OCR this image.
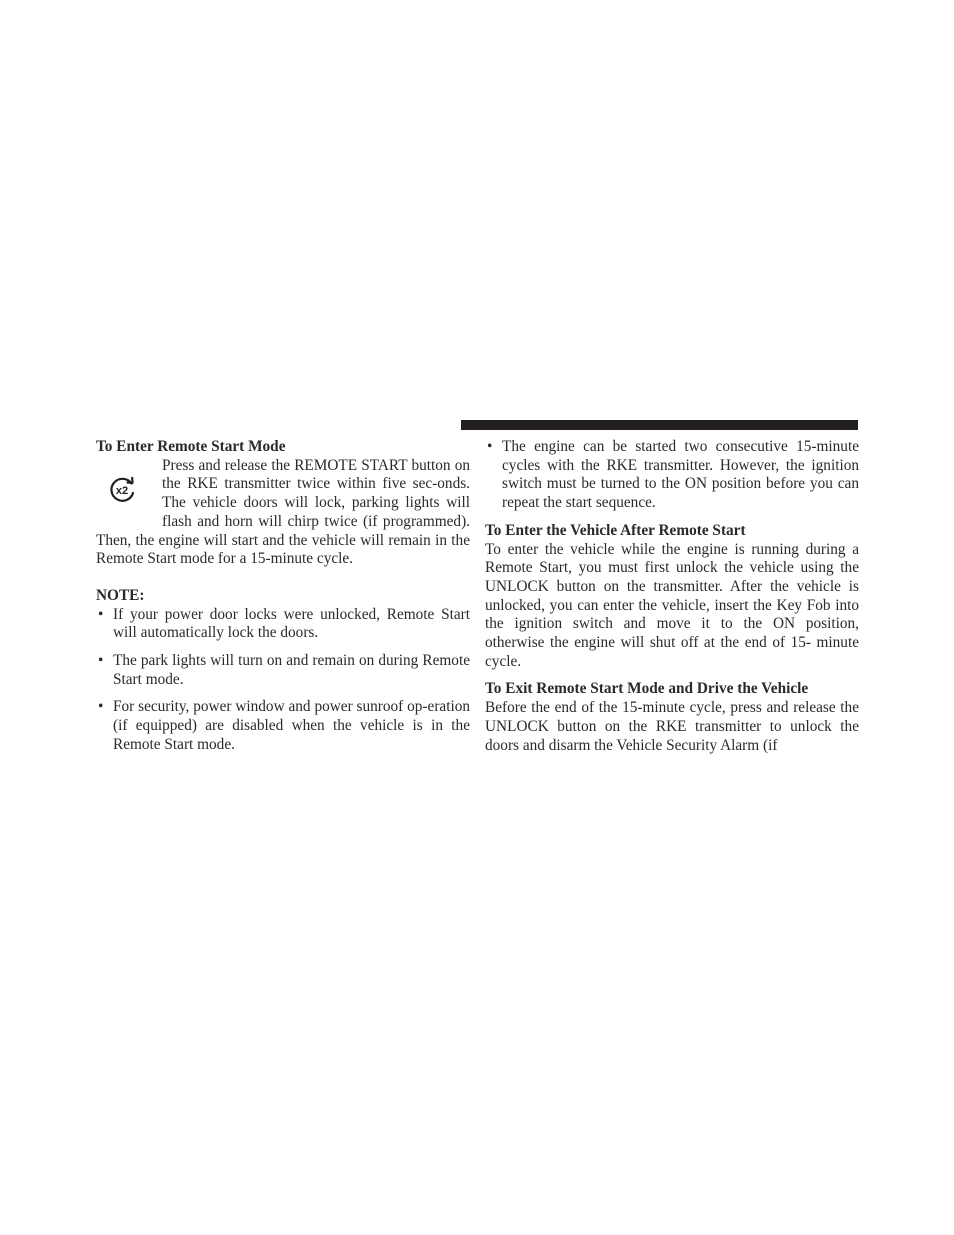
To Enter Remote Start Mode
x2
Press and release the REMOTE START button on the RKE transmitter twice within five sec-onds. The vehicle doors will lock, parking lights will flash and horn will chirp twice (if programmed). Then, the engine will start and the vehicle will remain in the Remote Start mode for a 15-minute cycle.
NOTE:
• If your power door locks were unlocked, Remote Start will automatically lock the doors.
• The park lights will turn on and remain on during Remote Start mode.
• For security, power window and power sunroof op-eration (if equipped) are disabled when the vehicle is in the Remote Start mode.
• The engine can be started two consecutive 15-minute cycles with the RKE transmitter. However, the ignition switch must be turned to the ON position before you can repeat the start sequence.
To Enter the Vehicle After Remote Start

To enter the vehicle while the engine is running during a Remote Start, you must first unlock the vehicle using the UNLOCK button on the transmitter. After the vehicle is unlocked, you can enter the vehicle, insert the Key Fob into the ignition switch and move it to the ON position, otherwise the engine will shut off at the end of 15- minute cycle.

To Exit Remote Start Mode and Drive the Vehicle

Before the end of the 15-minute cycle, press and release the UNLOCK button on the RKE transmitter to unlock the doors and disarm the Vehicle Security Alarm (if
